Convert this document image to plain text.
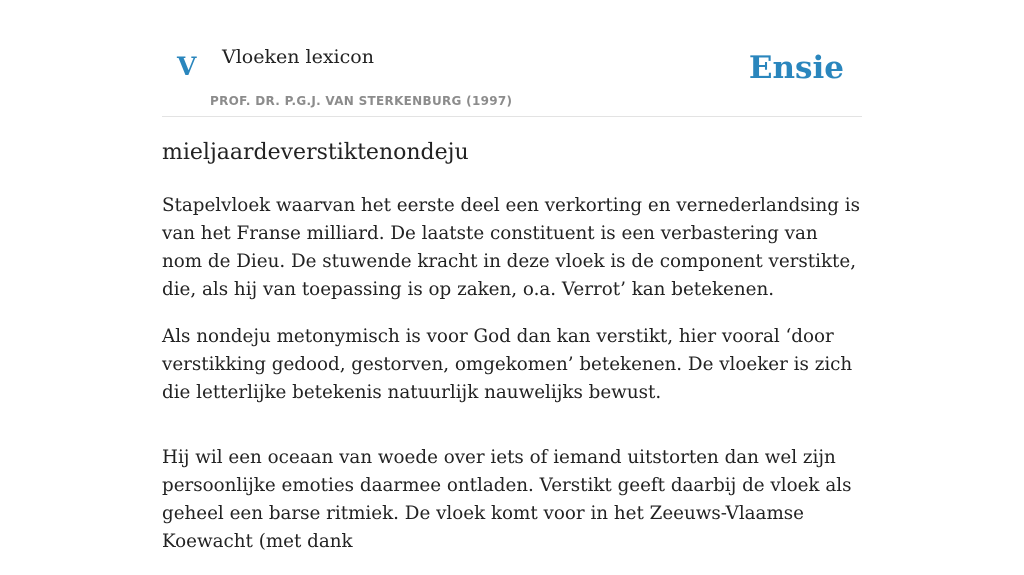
V Vloeken lexicon
PROF. DR. P.G.J. VAN STERKENBURG (1997)
Ensie
mieljaardeverstiktenondeju

Stapelvloek waarvan het eerste deel een verkorting en vernederlandsing is van het Franse milliard. De laatste constituent is een verbastering van nom de Dieu. De stuwende kracht in deze vloek is de component verstikte, die, als hij van toepassing is op zaken, o.a. Verrot’ kan betekenen.

Als nondeju metonymisch is voor God dan kan verstikt, hier vooral ‘door verstikking gedood, gestorven, omgekomen’ betekenen. De vloeker is zich die letterlijke betekenis natuurlijk nauwelijks bewust.

Hij wil een oceaan van woede over iets of iemand uitstorten dan wel zijn persoonlijke emoties daarmee ontladen. Verstikt geeft daarbij de vloek als geheel een barse ritmiek. De vloek komt voor in het Zeeuws-Vlaamse Koewacht (met dank
